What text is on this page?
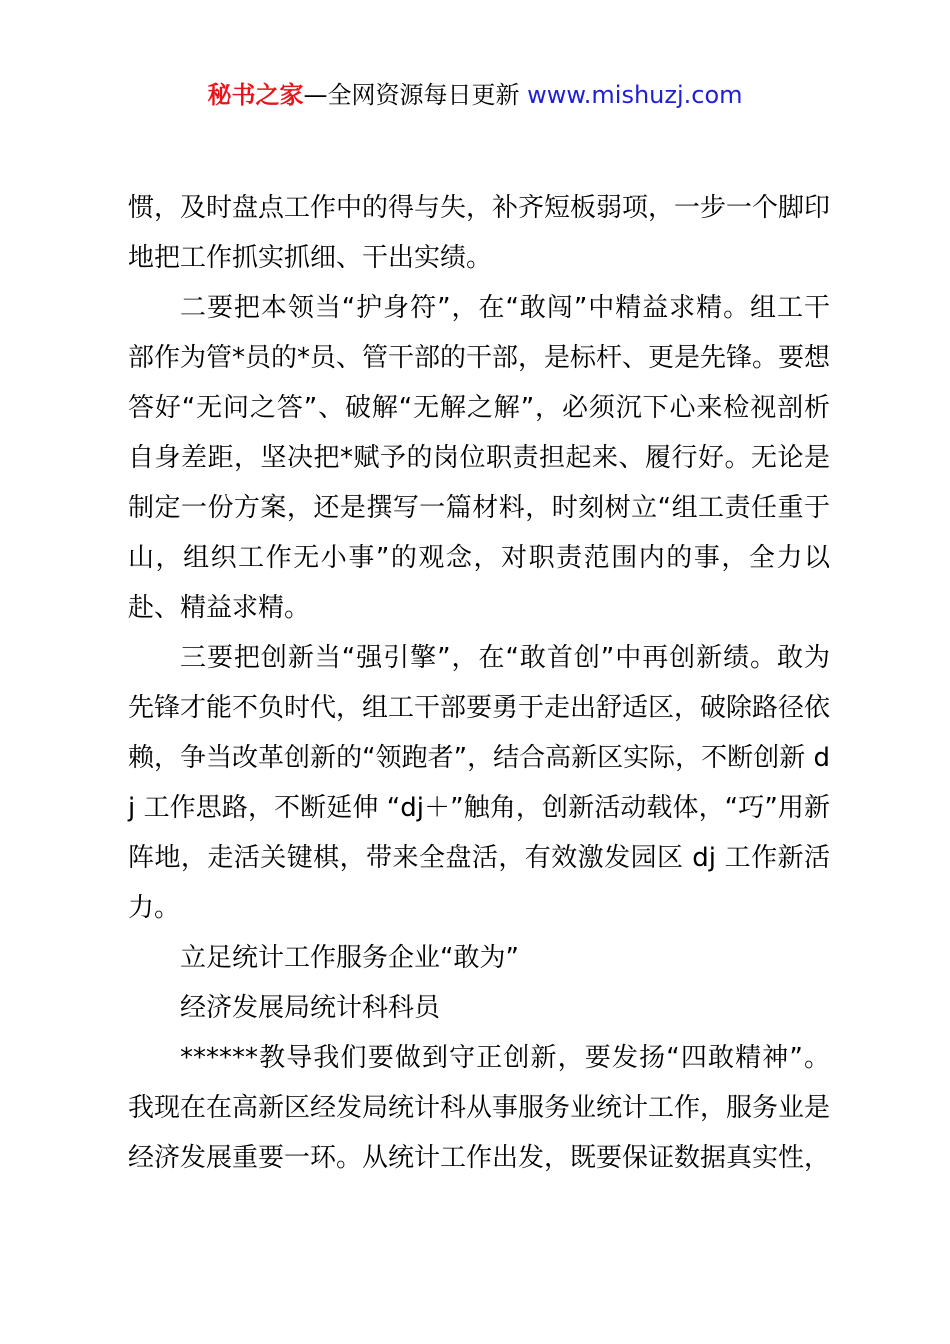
秘书之家—全网资源每日更新 www.mishuzj.com

惯，及时盘点工作中的得与失，补齐短板弱项，一步一个脚印地把工作抓实抓细、干出实绩。

二要把本领当“护身符”，在“敢闯”中精益求精。组工干部作为管*员的*员、管干部的干部，是标杆、更是先锋。要想答好“无问之答”、破解“无解之解”，必须沉下心来检视剖析自身差距，坚决把*赋予的岗位职责担起来、履行好。无论是制定一份方案，还是撰写一篇材料，时刻树立“组工责任重于山，组织工作无小事”的观念，对职责范围内的事，全力以赴、精益求精。

三要把创新当“强引擎”，在“敢首创”中再创新绩。敢为先锋才能不负时代，组工干部要勇于走出舒适区，破除路径依赖，争当改革创新的“领跑者”，结合高新区实际，不断创新 dj 工作思路，不断延伸 “dj＋”触角，创新活动载体，“巧”用新阵地，走活关键棋，带来全盘活，有效激发园区 dj 工作新活力。

立足统计工作服务企业“敢为”

经济发展局统计科科员

******教导我们要做到守正创新，要发扬“四敢精神”。我现在在高新区经发局统计科从事服务业统计工作，服务业是经济发展重要一环。从统计工作出发，既要保证数据真实性，
